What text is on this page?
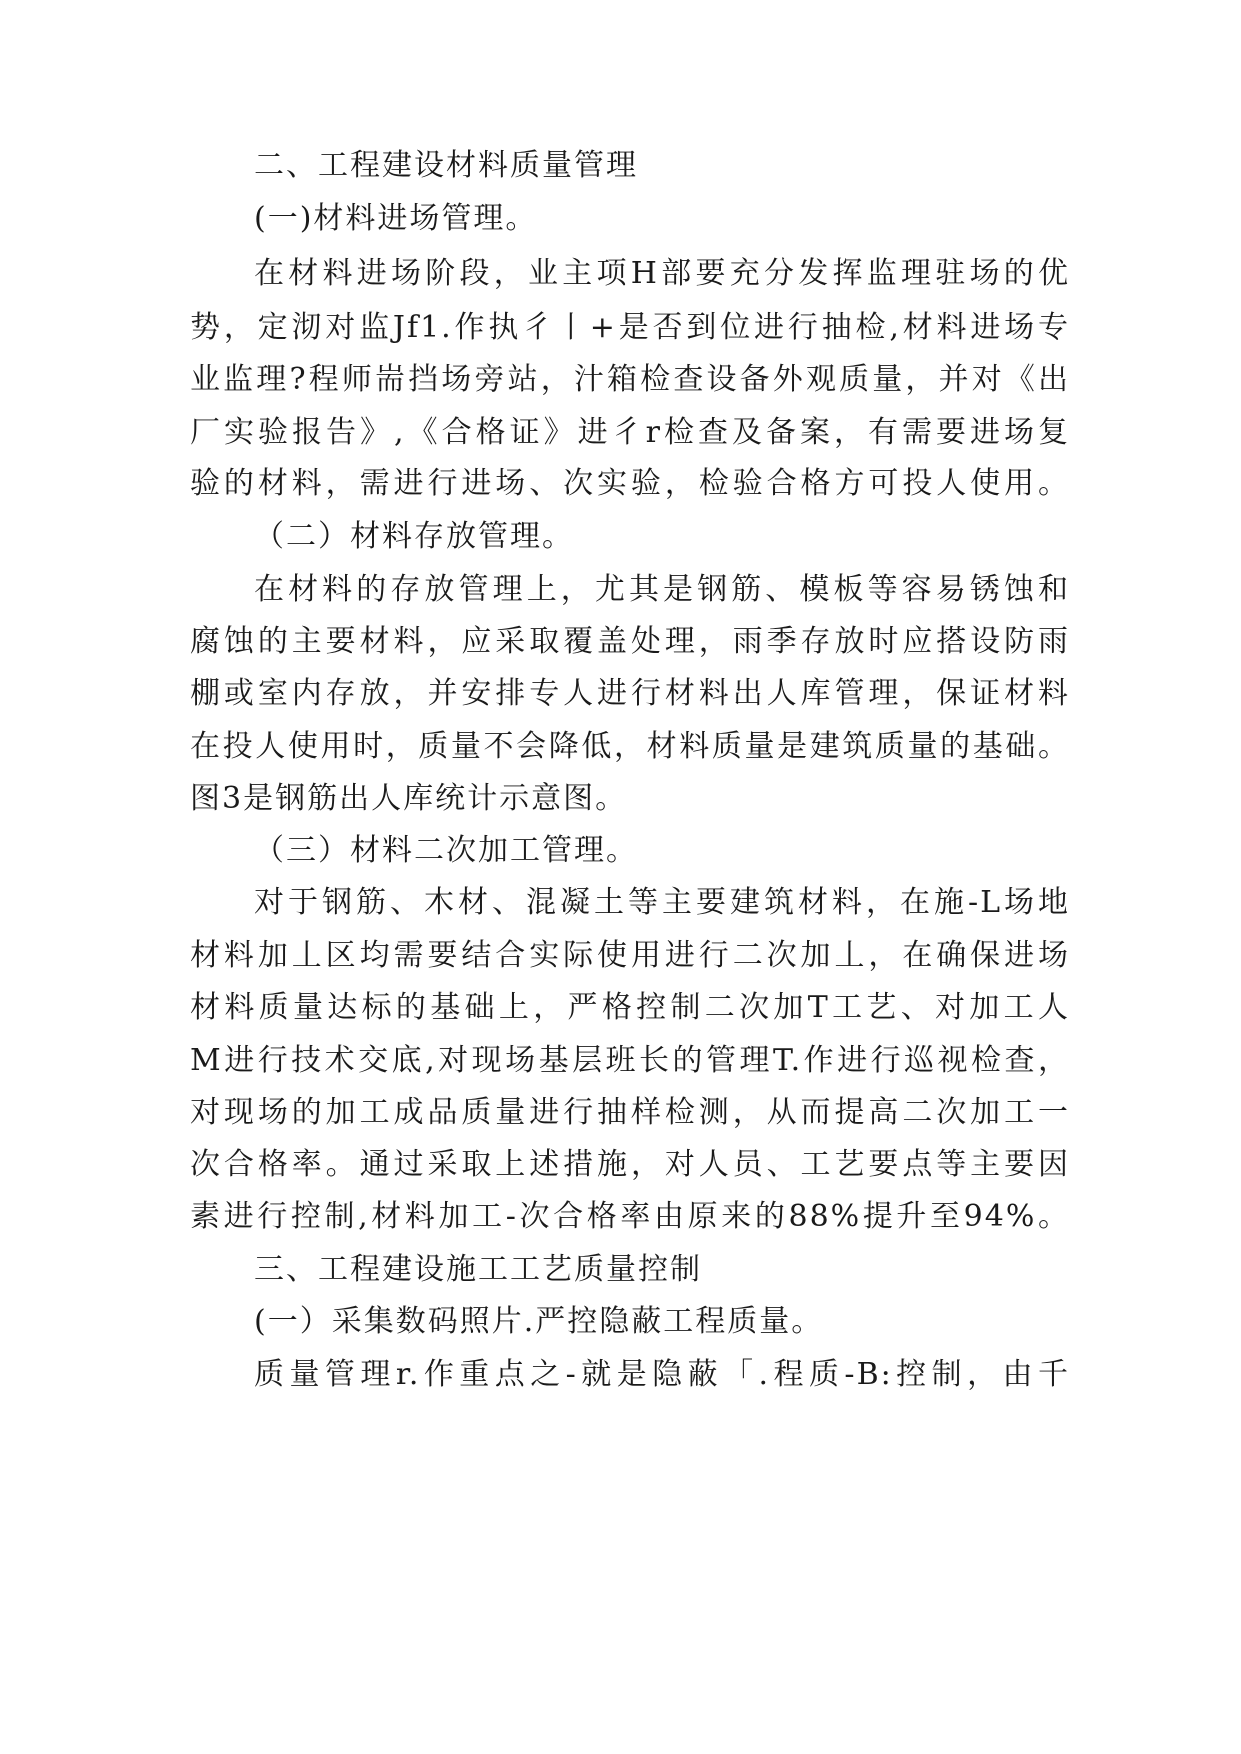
二、工程建设材料质量管理
(一)材料进场管理。
在材料进场阶段，业主项H部要充分发挥监理驻场的优
势，定沏对监Jf1.作执彳丨+是否到位进行抽检,材料进场专
业监理?程师耑挡场旁站，汁箱检查设备外观质量，并对《出
厂实验报告》,《合格证》进彳r检查及备案，有需要进场复
验的材料，需进行进场、次实验，检验合格方可投人使用。
（二）材料存放管理。
在材料的存放管理上，尤其是钢筋、模板等容易锈蚀和
腐蚀的主要材料，应采取覆盖处理，雨季存放时应搭设防雨
棚或室内存放，并安排专人进行材料出人库管理，保证材料
在投人使用时，质量不会降低，材料质量是建筑质量的基础。
图3是钢筋出人库统计示意图。
（三）材料二次加工管理。
对于钢筋、木材、混凝土等主要建筑材料，在施-L场地
材料加丄区均需要结合实际使用进行二次加丄，在确保进场
材料质量达标的基础上，严格控制二次加T工艺、对加工人
M进行技术交底,对现场基层班长的管理T.作进行巡视检查，
对现场的加工成品质量进行抽样检测，从而提高二次加工一
次合格率。通过采取上述措施，对人员、工艺要点等主要因
素进行控制,材料加工-次合格率由原来的88%提升至94%。
三、工程建设施工工艺质量控制
(一）采集数码照片.严控隐蔽工程质量。
质量管理r.作重点之-就是隐蔽「.程质-B:控制，由千
